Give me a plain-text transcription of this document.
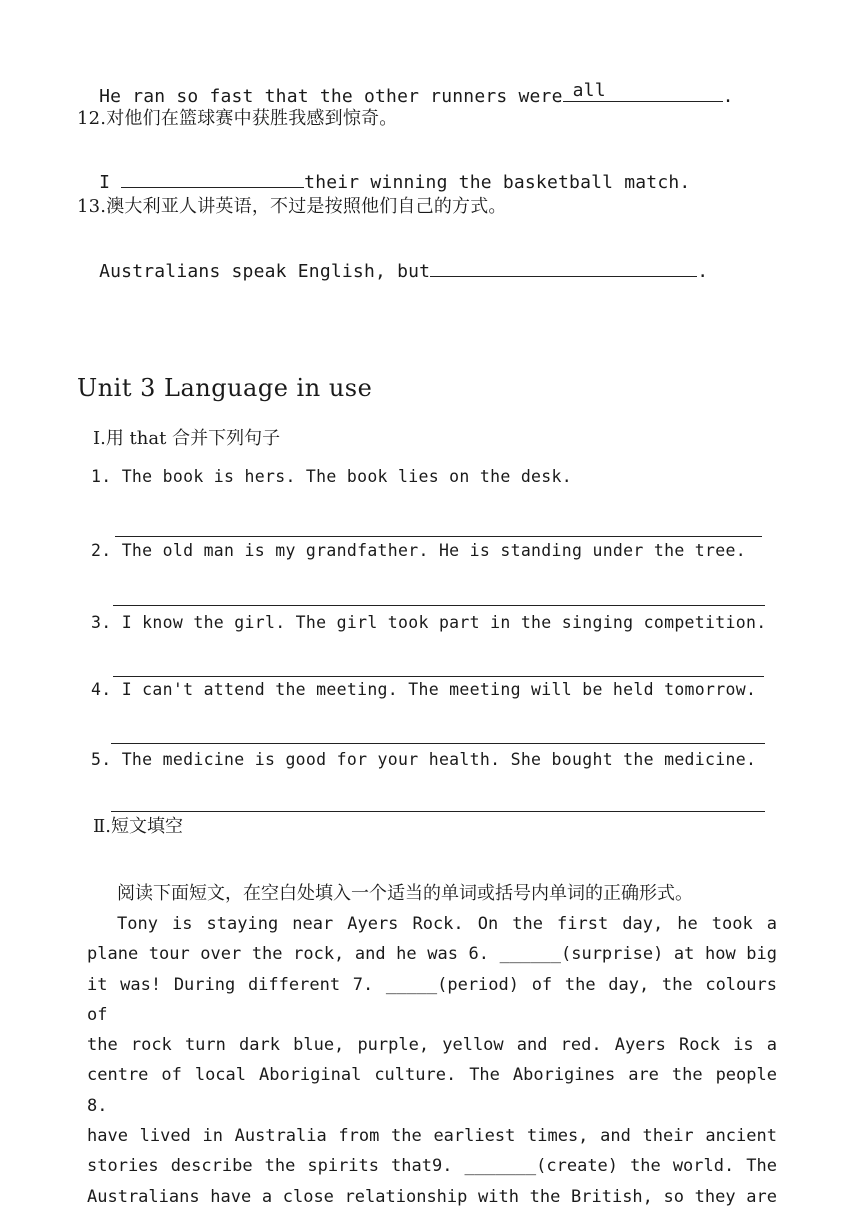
He ran so fast that the other runners were all	.

12.对他们在篮球赛中获胜我感到惊奇。

I	their winning the basketball match.

13.澳大利亚人讲英语，不过是按照他们自己的方式。

Australians speak English, but	.

Unit 3 Language in use
Ⅰ.用 that 合并下列句子
1. The book is hers. The book lies on the desk.
2. The old man is my grandfather. He is standing under the tree.
3. I know the girl. The girl took part in the singing competition.
4. I can't attend the meeting. The meeting will be held tomorrow.
5. The medicine is good for your health. She bought the medicine.
Ⅱ.短文填空
阅读下面短文，在空白处填入一个适当的单词或括号内单词的正确形式。
Tony is staying near Ayers Rock. On the first day, he took a
plane tour over the rock, and he was 6. ______(surprise) at how big
it was! During different 7. _____(period) of the day, the colours of
the rock turn dark blue, purple, yellow and red. Ayers Rock is a
centre of local Aboriginal culture. The Aborigines are the people 8.
have lived in Australia from the earliest times, and their ancient
stories describe the spirits that9. _______(create) the world. The
Australians have a close relationship with the British, so they are
